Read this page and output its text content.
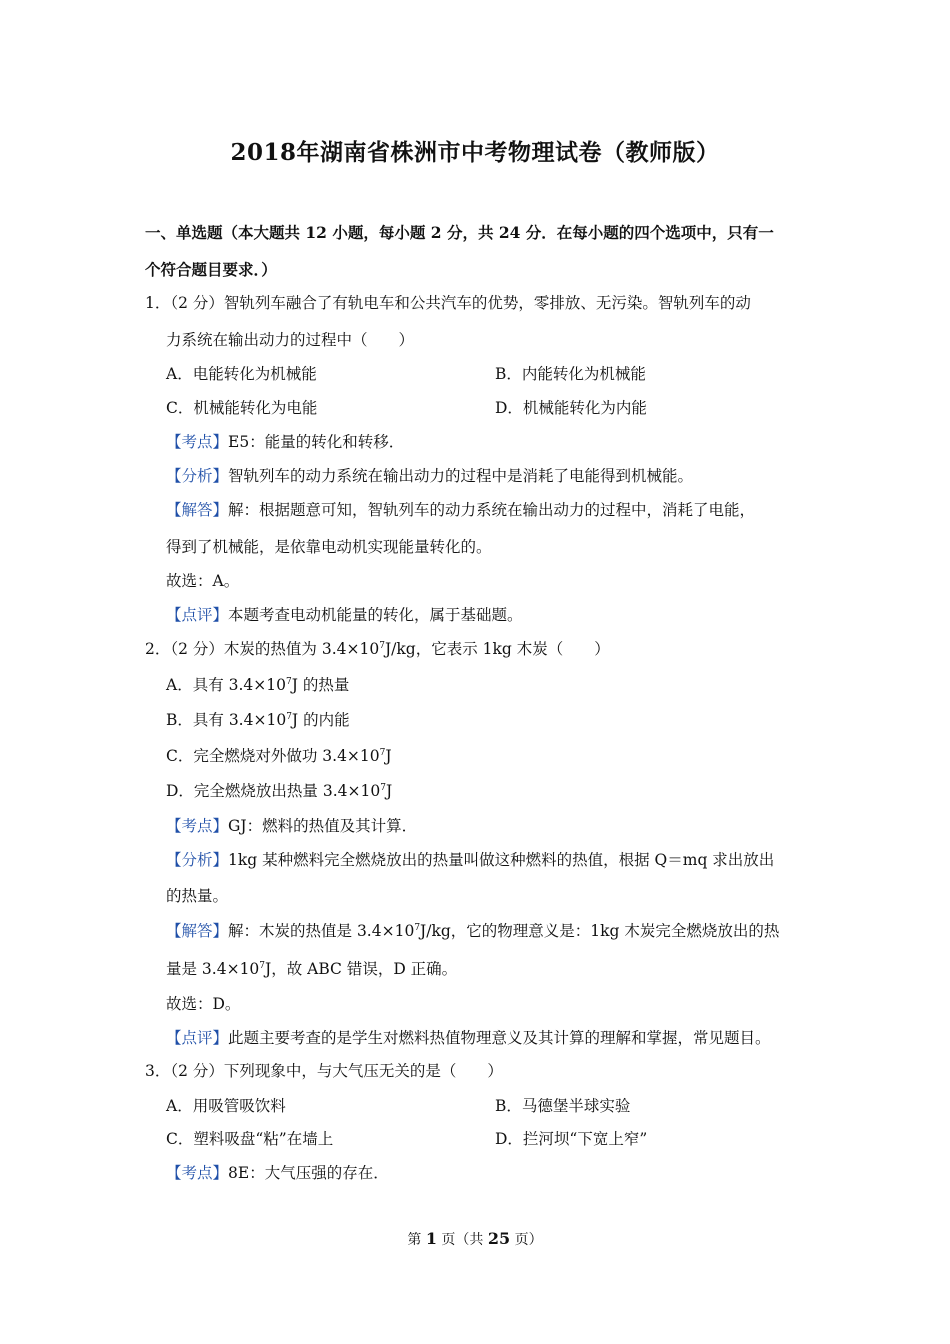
2018年湖南省株洲市中考物理试卷（教师版）
一、单选题（本大题共 12 小题，每小题 2 分，共 24 分．在每小题的四个选项中，只有一
个符合题目要求．）
1．（2 分）智轨列车融合了有轨电车和公共汽车的优势，零排放、无污染。智轨列车的动
力系统在输出动力的过程中（　　）
A．电能转化为机械能	B．内能转化为机械能
C．机械能转化为电能	D．机械能转化为内能
【考点】E5：能量的转化和转移．
【分析】智轨列车的动力系统在输出动力的过程中是消耗了电能得到机械能。
【解答】解：根据题意可知，智轨列车的动力系统在输出动力的过程中，消耗了电能，
得到了机械能，是依靠电动机实现能量转化的。
故选：A。
【点评】本题考查电动机能量的转化，属于基础题。
2．（2 分）木炭的热值为 $3.4\times 10^7J/kg$，它表示 1kg 木炭（　　）
A．具有 $3.4\times 10^7J$ 的热量
B．具有 $3.4\times 10^7J$ 的内能
C．完全燃烧对外做功 $3.4\times 10^7J$
D．完全燃烧放出热量 $3.4\times 10^7J$
【考点】GJ：燃料的热值及其计算．
【分析】1kg 某种燃料完全燃烧放出的热量叫做这种燃料的热值，根据 Q＝mq 求出放出
的热量。
【解答】解：木炭的热值是 $3.4\times 10^7J/kg$，它的物理意义是：1kg 木炭完全燃烧放出的热
量是 $3.4\times 10^7J$，故 ABC 错误，D 正确。
故选：D。
【点评】此题主要考查的是学生对燃料热值物理意义及其计算的理解和掌握，常见题目。
3．（2 分）下列现象中，与大气压无关的是（　　）
A．用吸管吸饮料	B．马德堡半球实验
C．塑料吸盘“粘”在墙上	D．拦河坝“下宽上窄”
【考点】8E：大气压强的存在．
第 1 页（共 25 页）
